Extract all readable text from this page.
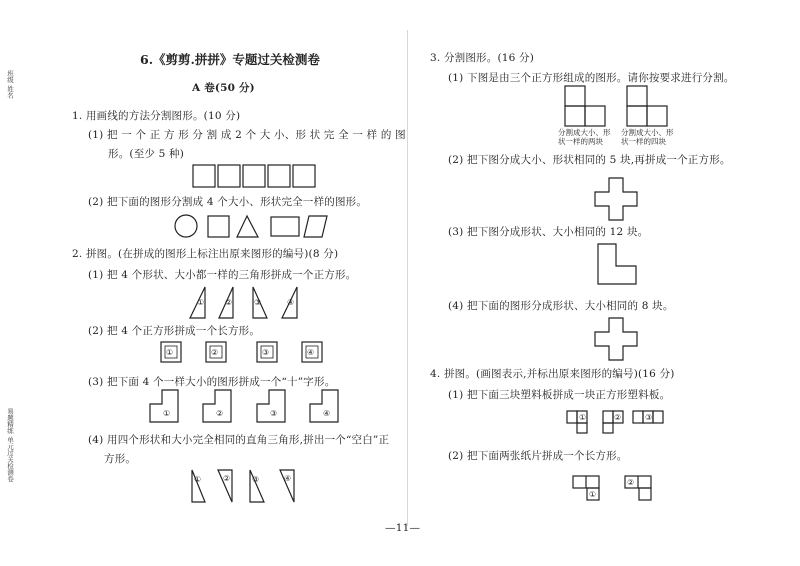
班级 姓名
易题精练 单元过关检测卷
6.《剪剪.拼拼》专题过关检测卷
A 卷(50 分)
1. 用画线的方法分割图形。(10 分)
(1) 把 一 个 正 方 形 分 割 成 2 个 大 小、形 状 完 全 一 样 的 图
形。(至少 5 种)
(2) 把下面的图形分割成 4 个大小、形状完全一样的图形。
2. 拼图。(在拼成的图形上标注出原来图形的编号)(8 分)
(1) 把 4 个形状、大小都一样的三角形拼成一个正方形。
(2) 把 4 个正方形拼成一个长方形。
(3) 把下面 4 个一样大小的图形拼成一个“十”字形。
(4) 用四个形状和大小完全相同的直角三角形,拼出一个“空白”正
方形。
3. 分割图形。(16 分)
(1) 下图是由三个正方形组成的图形。请你按要求进行分割。
分割成大小、形状一样的两块
分割成大小、形状一样的四块
(2) 把下图分成大小、形状相同的 5 块,再拼成一个正方形。
(3) 把下图分成形状、大小相同的 12 块。
(4) 把下面的图形分成形状、大小相同的 8 块。
4. 拼图。(画图表示,并标出原来图形的编号)(16 分)
(1) 把下面三块塑料板拼成一块正方形塑料板。
(2) 把下面两张纸片拼成一个长方形。
—11—
①	②	③	④
①	②	③	④
①	②	③	④
①	②	③	④
①	②	③
①
②
